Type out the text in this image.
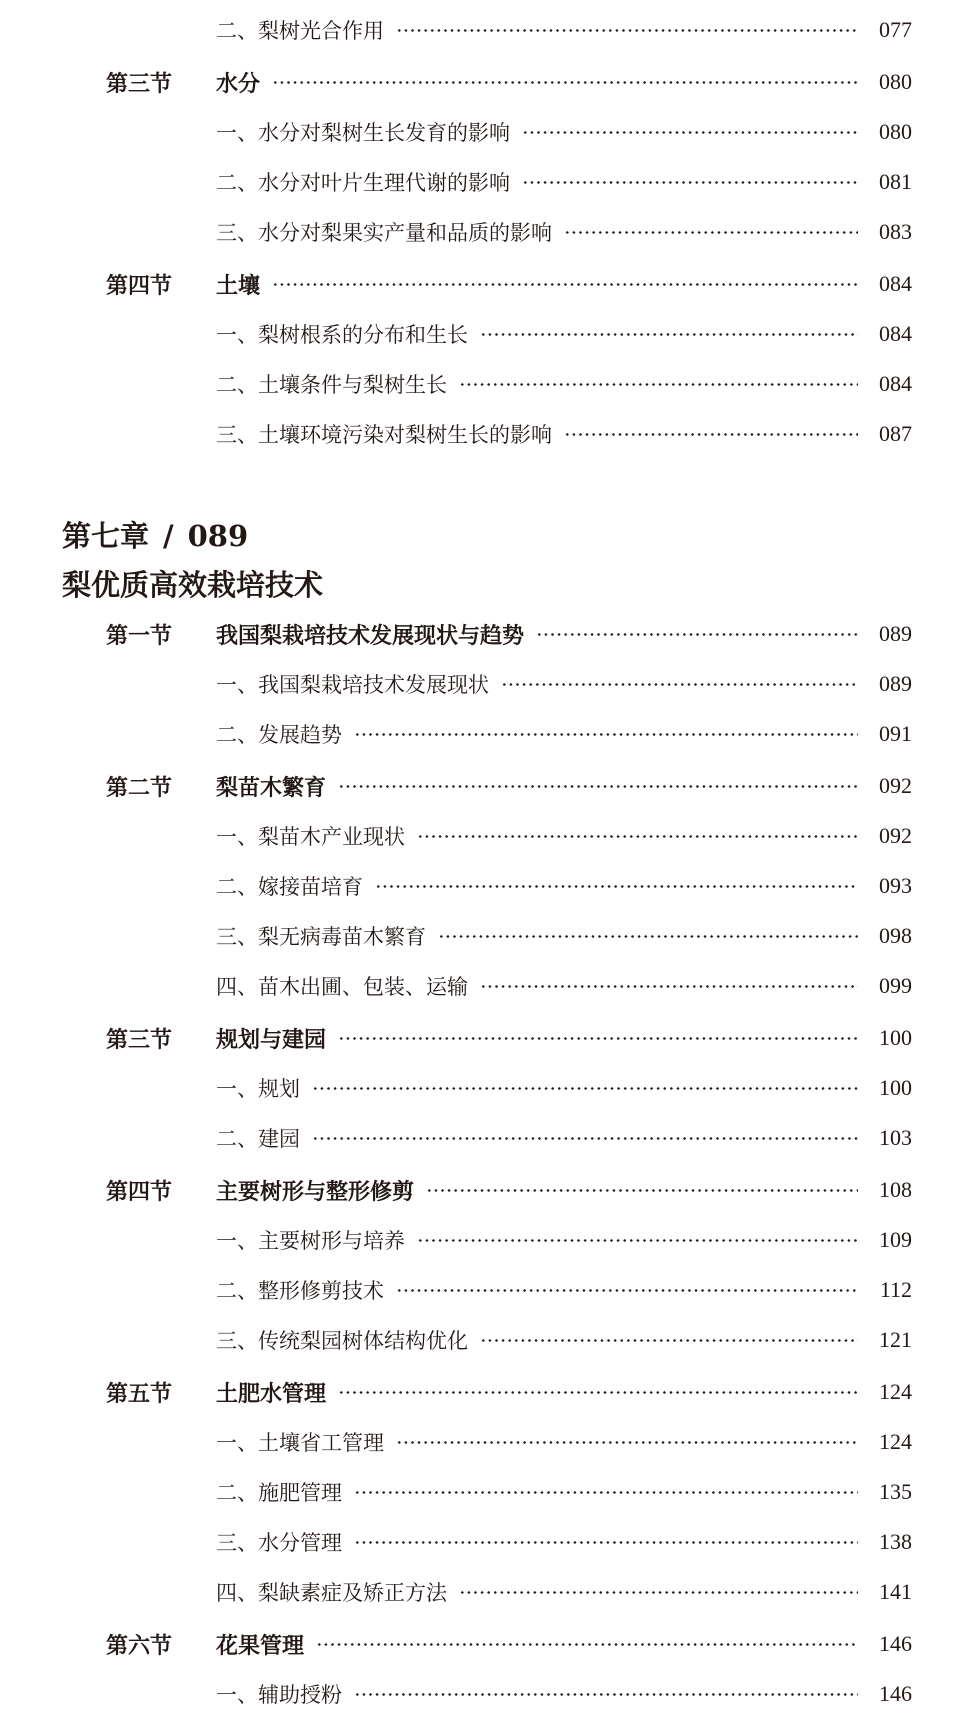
第七章 / 089
梨优质高效栽培技术
二、梨树光合作用	077
第三节	水分	080
一、水分对梨树生长发育的影响	080
二、水分对叶片生理代谢的影响	081
三、水分对梨果实产量和品质的影响	083
第四节	土壤	084
一、梨树根系的分布和生长	084
二、土壤条件与梨树生长	084
三、土壤环境污染对梨树生长的影响	087
第一节	我国梨栽培技术发展现状与趋势	089
一、我国梨栽培技术发展现状	089
二、发展趋势	091
第二节	梨苗木繁育	092
一、梨苗木产业现状	092
二、嫁接苗培育	093
三、梨无病毒苗木繁育	098
四、苗木出圃、包装、运输	099
第三节	规划与建园	100
一、规划	100
二、建园	103
第四节	主要树形与整形修剪	108
一、主要树形与培养	109
二、整形修剪技术	112
三、传统梨园树体结构优化	121
第五节	土肥水管理	124
一、土壤省工管理	124
二、施肥管理	135
三、水分管理	138
四、梨缺素症及矫正方法	141
第六节	花果管理	146
一、辅助授粉	146
